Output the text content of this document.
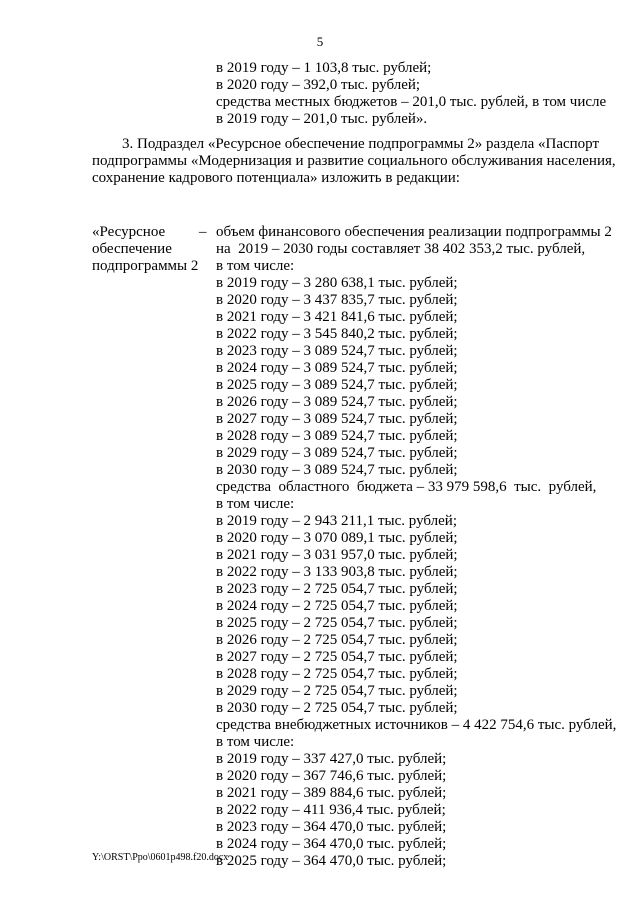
5
в 2019 году – 1 103,8 тыс. рублей;
в 2020 году – 392,0 тыс. рублей;
средства местных бюджетов – 201,0 тыс. рублей, в том числе
в 2019 году – 201,0 тыс. рублей».
3. Подраздел «Ресурсное обеспечение подпрограммы 2» раздела «Паспорт
подпрограммы «Модернизация и развитие социального обслуживания населения,
сохранение кадрового потенциала» изложить в редакции:
«Ресурсное
обеспечение
подпрограммы 2
– объем финансового обеспечения реализации подпрограммы 2
на  2019 – 2030 годы составляет 38 402 353,2 тыс. рублей,
в том числе:
в 2019 году – 3 280 638,1 тыс. рублей;
в 2020 году – 3 437 835,7 тыс. рублей;
в 2021 году – 3 421 841,6 тыс. рублей;
в 2022 году – 3 545 840,2 тыс. рублей;
в 2023 году – 3 089 524,7 тыс. рублей;
в 2024 году – 3 089 524,7 тыс. рублей;
в 2025 году – 3 089 524,7 тыс. рублей;
в 2026 году – 3 089 524,7 тыс. рублей;
в 2027 году – 3 089 524,7 тыс. рублей;
в 2028 году – 3 089 524,7 тыс. рублей;
в 2029 году – 3 089 524,7 тыс. рублей;
в 2030 году – 3 089 524,7 тыс. рублей;
средства  областного  бюджета – 33 979 598,6  тыс.  рублей,
в том числе:
в 2019 году – 2 943 211,1 тыс. рублей;
в 2020 году – 3 070 089,1 тыс. рублей;
в 2021 году – 3 031 957,0 тыс. рублей;
в 2022 году – 3 133 903,8 тыс. рублей;
в 2023 году – 2 725 054,7 тыс. рублей;
в 2024 году – 2 725 054,7 тыс. рублей;
в 2025 году – 2 725 054,7 тыс. рублей;
в 2026 году – 2 725 054,7 тыс. рублей;
в 2027 году – 2 725 054,7 тыс. рублей;
в 2028 году – 2 725 054,7 тыс. рублей;
в 2029 году – 2 725 054,7 тыс. рублей;
в 2030 году – 2 725 054,7 тыс. рублей;
средства внебюджетных источников – 4 422 754,6 тыс. рублей,
в том числе:
в 2019 году – 337 427,0 тыс. рублей;
в 2020 году – 367 746,6 тыс. рублей;
в 2021 году – 389 884,6 тыс. рублей;
в 2022 году – 411 936,4 тыс. рублей;
в 2023 году – 364 470,0 тыс. рублей;
в 2024 году – 364 470,0 тыс. рублей;
в 2025 году – 364 470,0 тыс. рублей;
Y:\ORST\Ppo\0601p498.f20.docx
